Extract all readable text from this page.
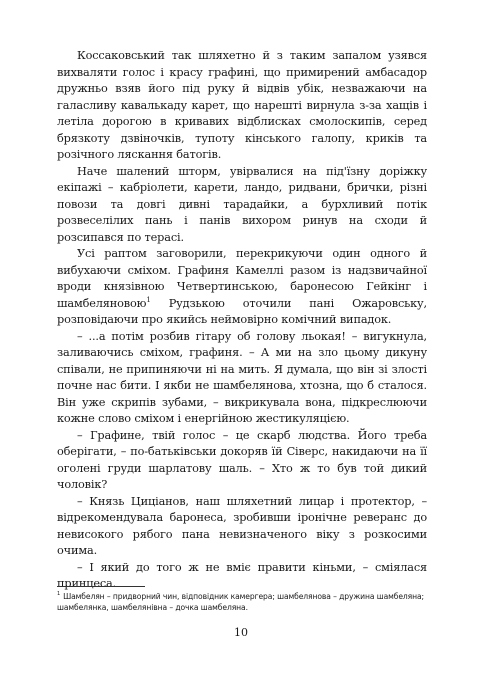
Коссаковський так шляхетно й з таким запалом узявся вихваляти голос і красу графині, що примирений амбасадор дружньо взяв його під руку й відвів убік, незважаючи на галасливу кавалькаду карет, що нарешті вирнула з-за хащів і летіла дорогою в кривавих відблисках смолоскипів, серед брязкоту дзвіночків, тупоту кінського галопу, криків та розічного ляскання батогів.

Наче шалений шторм, увірвалися на під'їзну доріжку екіпажі – кабріолети, карети, ландо, ридвани, брички, різні повози та довгі дивні тарадайки, а бурхливий потік розвеселілих пань і панів вихором ринув на сходи й розсипався по терасі.

Усі раптом заговорили, перекрикуючи один одного й вибухаючи сміхом. Графиня Камеллі разом із надзвичайної вроди князівною Четвертинською, баронесою Гейкінг і шамбеляновою$^1$ Рудзькою оточили пані Ожаровську, розповідаючи про якийсь неймовірно комічний випадок.

– ...а потім розбив гітару об голову льокая! – вигукнула, заливаючись сміхом, графиня. – А ми на зло цьому дикуну співали, не припиняючи ні на мить. Я думала, що він зі злості почне нас бити. І якби не шамбелянова, хтозна, що б сталося. Він уже скрипів зубами, – викрикувала вона, підкреслюючи кожне слово сміхом і енергійною жестикуляцією.

– Графине, твій голос – це скарб людства. Його треба оберігати, – по-батьківськи докоряв їй Сіверс, накидаючи на її оголені груди шарлатову шаль. – Хто ж то був той дикий чоловік?

– Князь Циціанов, наш шляхетний лицар і протектор, – відрекомендувала баронеса, зробивши іронічне реверанс до невисокого рябого пана невизначеного віку з розкосими очима.

– І який до того ж не вміє правити кіньми, – сміялася принцеса.

$^1$ Шамбелян – придворний чин, відповідник камергера; шамбелянова – дружина шамбеляна; шамбелянка, шамбелянівна – дочка шамбеляна.
10
